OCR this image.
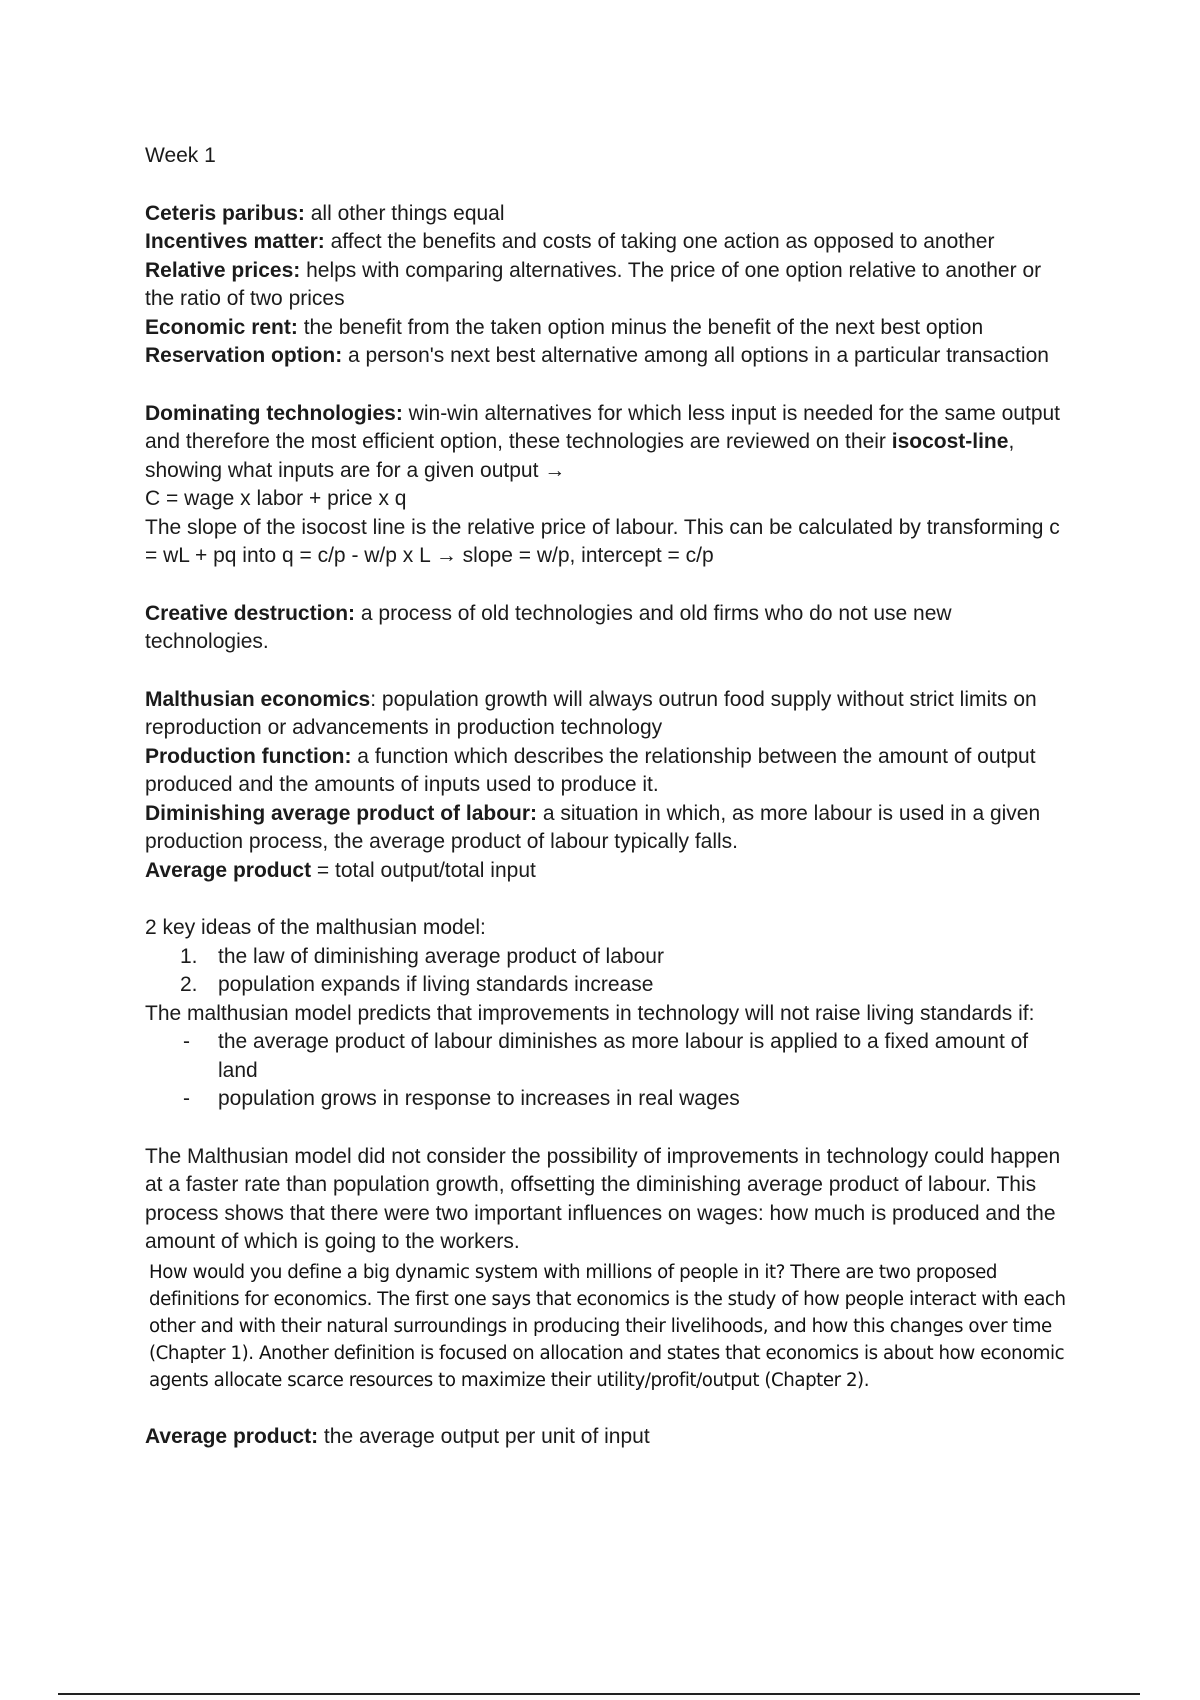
Week 1

Ceteris paribus: all other things equal

Incentives matter: affect the benefits and costs of taking one action as opposed to another

Relative prices: helps with comparing alternatives. The price of one option relative to another or the ratio of two prices

Economic rent: the benefit from the taken option minus the benefit of the next best option

Reservation option: a person's next best alternative among all options in a particular transaction

Dominating technologies: win-win alternatives for which less input is needed for the same output and therefore the most efficient option, these technologies are reviewed on their isocost-line, showing what inputs are for a given output →

C = wage x labor + price x q

The slope of the isocost line is the relative price of labour. This can be calculated by transforming c = wL + pq into q = c/p - w/p x L → slope = w/p, intercept = c/p

Creative destruction: a process of old technologies and old firms who do not use new technologies.

Malthusian economics: population growth will always outrun food supply without strict limits on reproduction or advancements in production technology

Production function: a function which describes the relationship between the amount of output produced and the amounts of inputs used to produce it.

Diminishing average product of labour: a situation in which, as more labour is used in a given production process, the average product of labour typically falls.

Average product = total output/total input

2 key ideas of the malthusian model:

1. the law of diminishing average product of labour
2. population expands if living standards increase

The malthusian model predicts that improvements in technology will not raise living standards if:

- the average product of labour diminishes as more labour is applied to a fixed amount of land
- population grows in response to increases in real wages

The Malthusian model did not consider the possibility of improvements in technology could happen at a faster rate than population growth, offsetting the diminishing average product of labour. This process shows that there were two important influences on wages: how much is produced and the amount of which is going to the workers.

How would you define a big dynamic system with millions of people in it? There are two proposed definitions for economics. The first one says that economics is the study of how people interact with each other and with their natural surroundings in producing their livelihoods, and how this changes over time (Chapter 1). Another definition is focused on allocation and states that economics is about how economic agents allocate scarce resources to maximize their utility/profit/output (Chapter 2).

Average product: the average output per unit of input
